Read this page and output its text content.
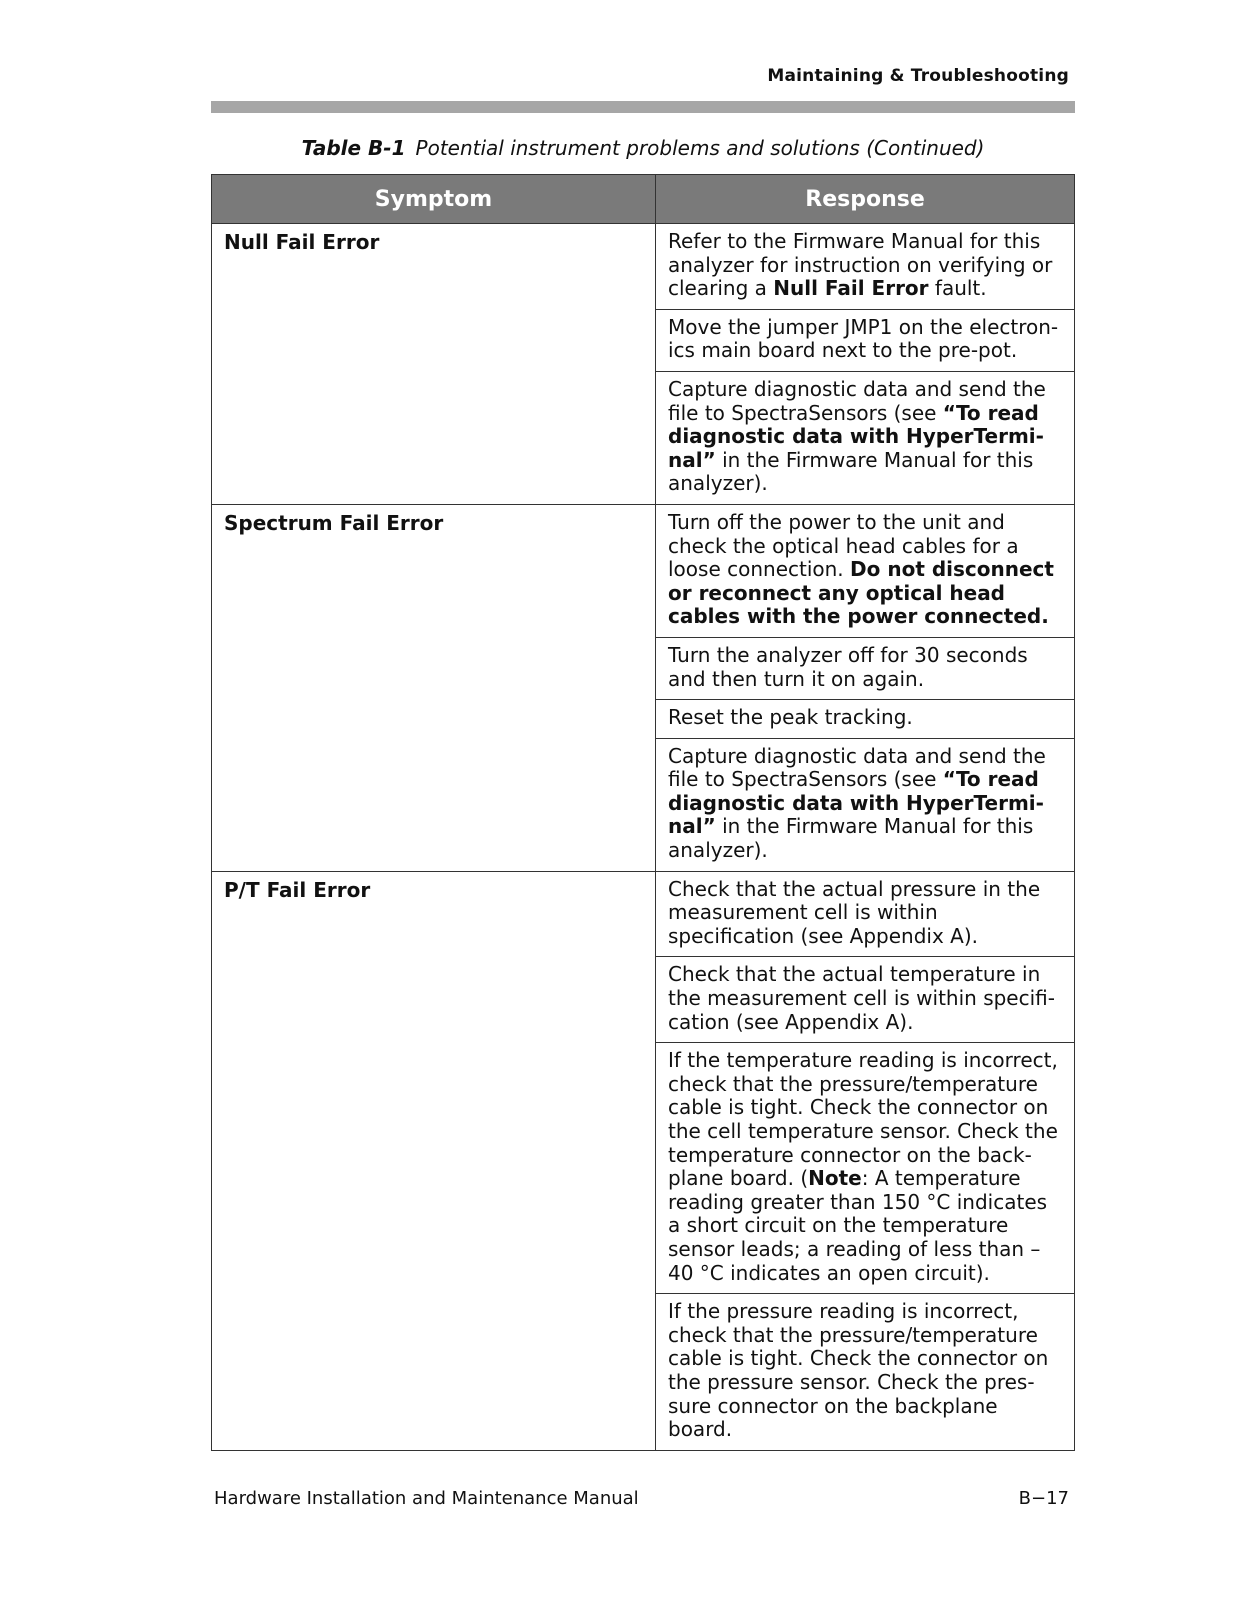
Maintaining & Troubleshooting
Table B-1 Potential instrument problems and solutions (Continued)
Symptom	Response
Null Fail Error	Refer to the Firmware Manual for this analyzer for instruction on verifying or clearing a Null Fail Error fault.
	Move the jumper JMP1 on the electron-ics main board next to the pre-pot.
	Capture diagnostic data and send the file to SpectraSensors (see “To read diagnostic data with HyperTermi-nal” in the Firmware Manual for this analyzer).
Spectrum Fail Error	Turn off the power to the unit and check the optical head cables for a loose connection. Do not disconnect or reconnect any optical head cables with the power connected.
	Turn the analyzer off for 30 seconds and then turn it on again.
	Reset the peak tracking.
	Capture diagnostic data and send the file to SpectraSensors (see “To read diagnostic data with HyperTermi-nal” in the Firmware Manual for this analyzer).
P/T Fail Error	Check that the actual pressure in the measurement cell is within specification (see Appendix A).
	Check that the actual temperature in the measurement cell is within specifi-cation (see Appendix A).
	If the temperature reading is incorrect, check that the pressure/temperature cable is tight. Check the connector on the cell temperature sensor. Check the temperature connector on the back-plane board. (Note: A temperature reading greater than 150 °C indicates a short circuit on the temperature sensor leads; a reading of less than –40 °C indicates an open circuit).
	If the pressure reading is incorrect, check that the pressure/temperature cable is tight. Check the connector on the pressure sensor. Check the pres-sure connector on the backplane board.
Hardware Installation and Maintenance Manual	B−17
